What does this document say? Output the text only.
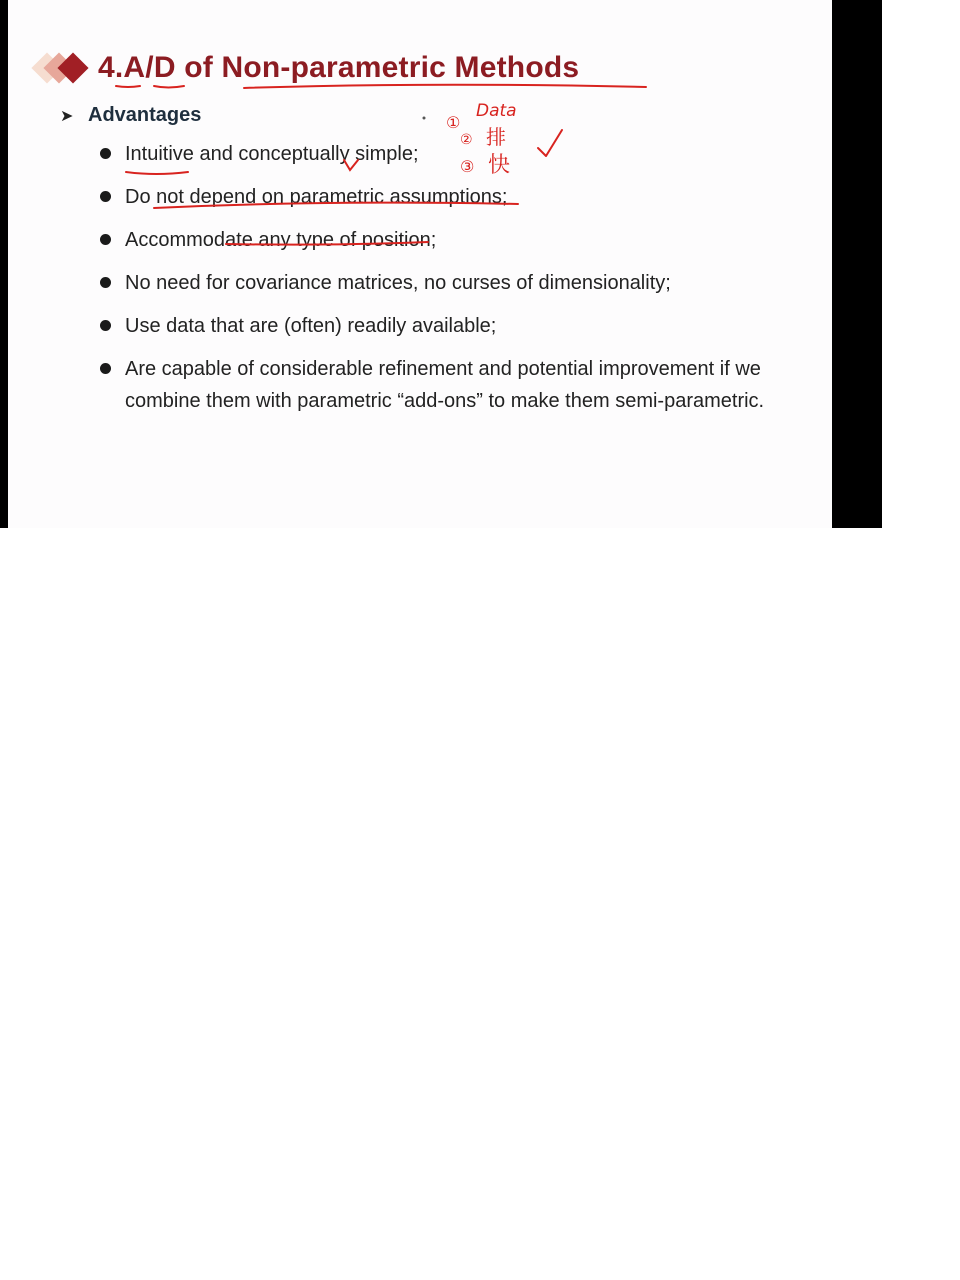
4.A/D of Non-parametric Methods
➤ Advantages
Intuitive and conceptually simple;
Do not depend on parametric assumptions;
Accommodate any type of position;
No need for covariance matrices, no curses of dimensionality;
Use data that are (often) readily available;
Are capable of considerable refinement and potential improvement if we combine them with parametric “add-ons” to make them semi-parametric.
①
Data
② 排
③ 快
